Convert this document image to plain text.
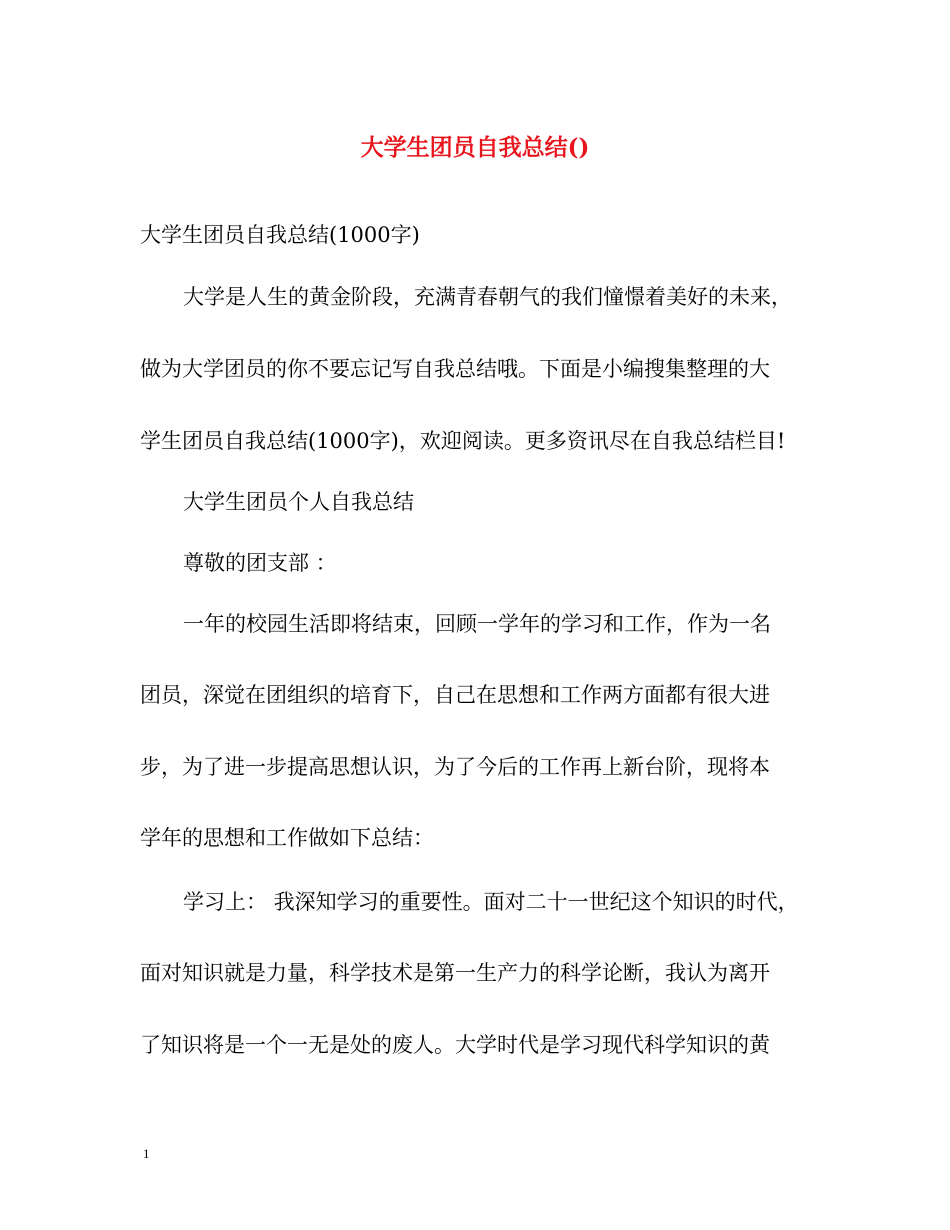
大学生团员自我总结()
大学生团员自我总结(1000字)
大学是人生的黄金阶段，充满青春朝气的我们憧憬着美好的未来，
做为大学团员的你不要忘记写自我总结哦。下面是小编搜集整理的大
学生团员自我总结(1000字)，欢迎阅读。更多资讯尽在自我总结栏目!
大学生团员个人自我总结
尊敬的团支部 ：
一年的校园生活即将结束，回顾一学年的学习和工作，作为一名
团员，深觉在团组织的培育下，自己在思想和工作两方面都有很大进
步，为了进一步提高思想认识，为了今后的工作再上新台阶，现将本
学年的思想和工作做如下总结：
学习上： 我深知学习的重要性。面对二十一世纪这个知识的时代，
面对知识就是力量，科学技术是第一生产力的科学论断，我认为离开
了知识将是一个一无是处的废人。大学时代是学习现代科学知识的黄
1
